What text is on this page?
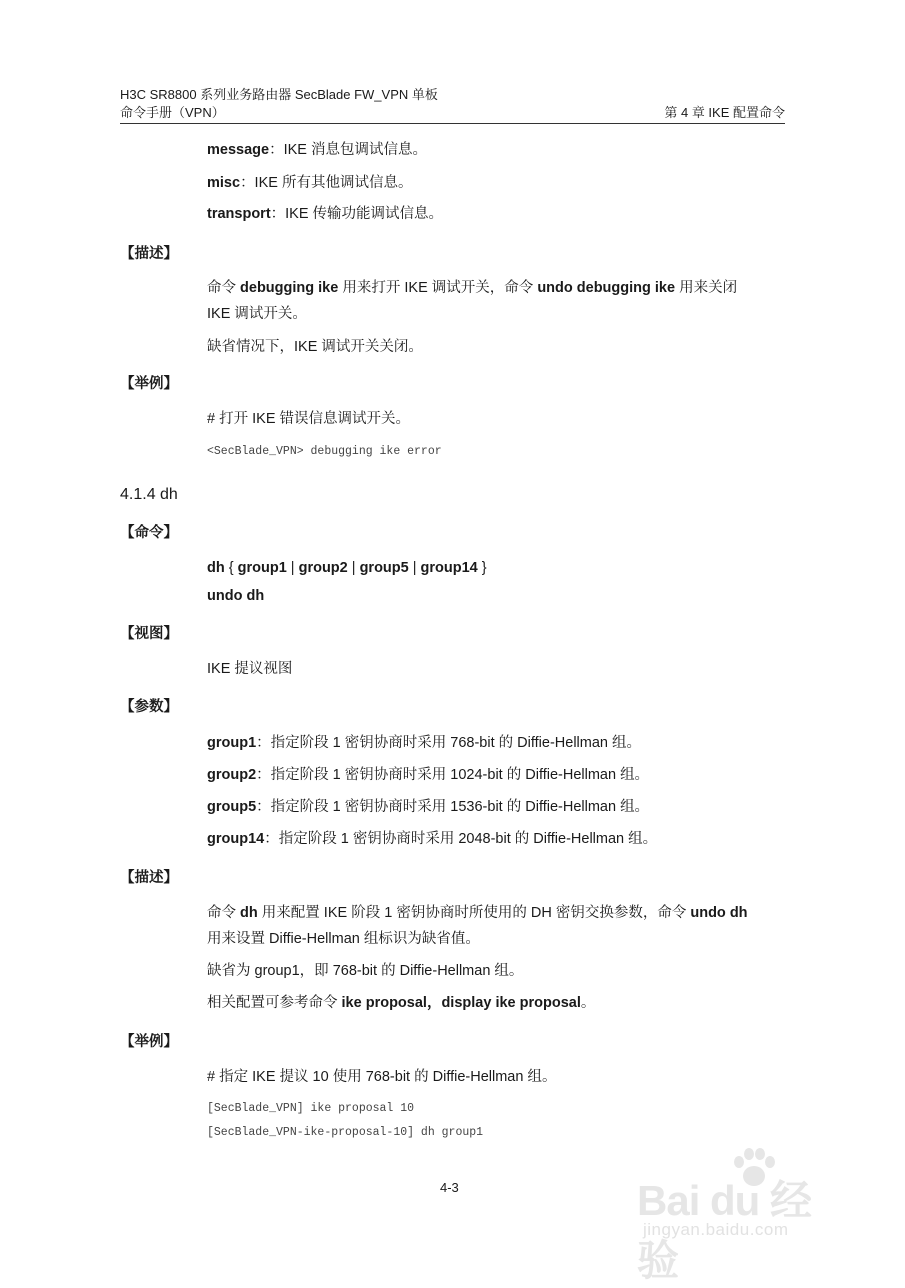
H3C SR8800 系列业务路由器 SecBlade FW_VPN 单板
命令手册（VPN）	第 4 章 IKE 配置命令
message：IKE 消息包调试信息。
misc：IKE 所有其他调试信息。
transport：IKE 传输功能调试信息。
【描述】
命令 debugging ike 用来打开 IKE 调试开关，命令 undo debugging ike 用来关闭
IKE 调试开关。
缺省情况下，IKE 调试开关关闭。
【举例】
# 打开 IKE 错误信息调试开关。
<SecBlade_VPN> debugging ike error
4.1.4 dh
【命令】
dh { group1 | group2 | group5 | group14 }
undo dh
【视图】
IKE 提议视图
【参数】
group1：指定阶段 1 密钥协商时采用 768-bit 的 Diffie-Hellman 组。
group2：指定阶段 1 密钥协商时采用 1024-bit 的 Diffie-Hellman 组。
group5：指定阶段 1 密钥协商时采用 1536-bit 的 Diffie-Hellman 组。
group14：指定阶段 1 密钥协商时采用 2048-bit 的 Diffie-Hellman 组。
【描述】
命令 dh 用来配置 IKE 阶段 1 密钥协商时所使用的 DH 密钥交换参数，命令 undo dh
用来设置 Diffie-Hellman 组标识为缺省值。
缺省为 group1，即 768-bit 的 Diffie-Hellman 组。
相关配置可参考命令 ike proposal，display ike proposal。
【举例】
# 指定 IKE 提议 10 使用 768-bit 的 Diffie-Hellman 组。
[SecBlade_VPN] ike proposal 10
[SecBlade_VPN-ike-proposal-10] dh group1
4-3	Bai du 经验
jingyan.baidu.com
